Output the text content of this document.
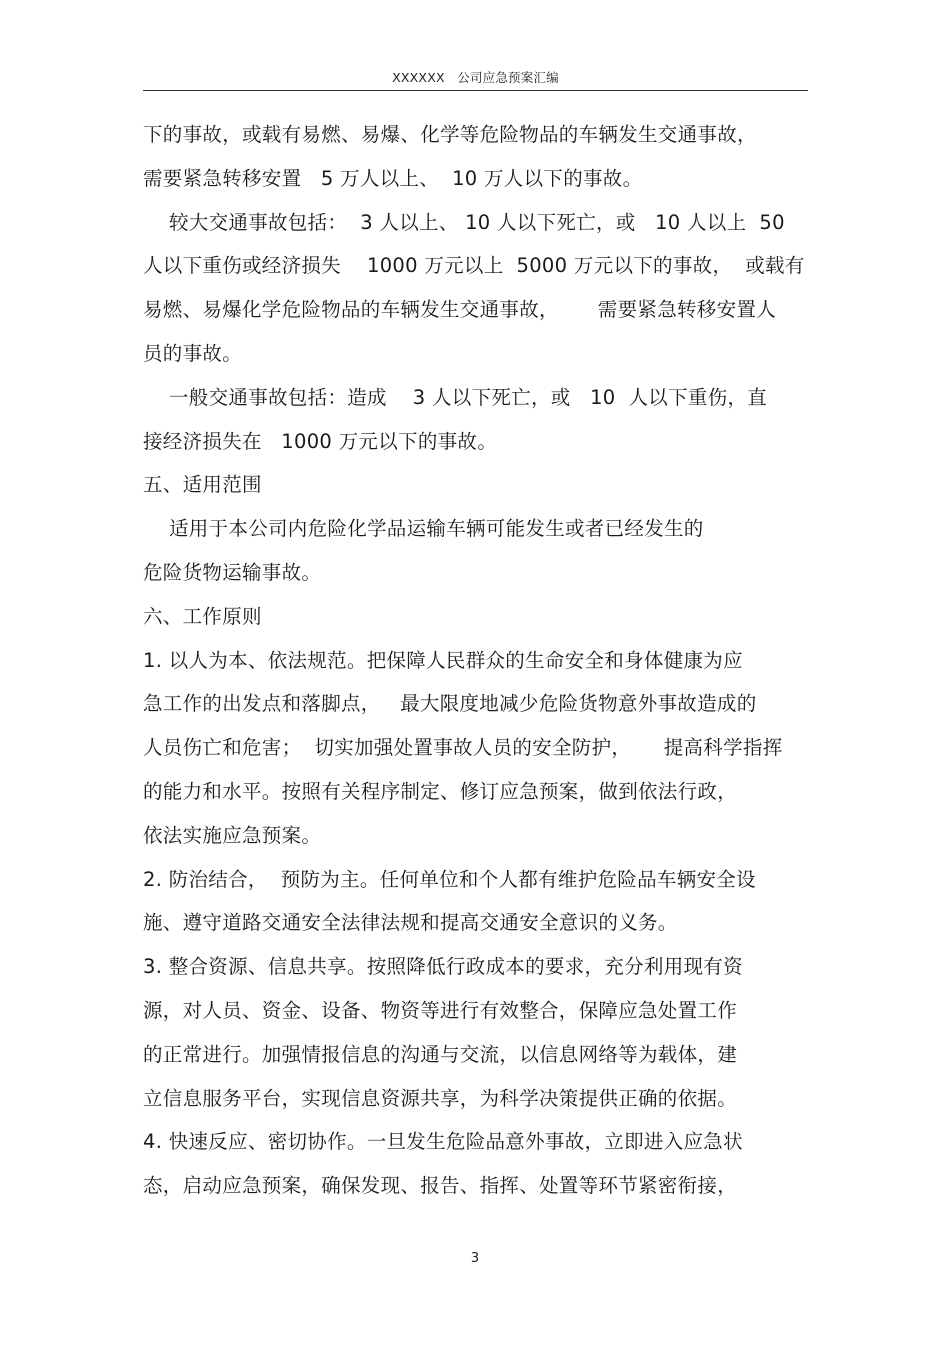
XXXXXX   公司应急预案汇编
下的事故，或载有易燃、易爆、化学等危险物品的车辆发生交通事故，
需要紧急转移安置   5 万人以上、  10 万人以下的事故。
较大交通事故包括：  3 人以上、 10 人以下死亡，或   10 人以上  50
人以下重伤或经济损失    1000 万元以上  5000 万元以下的事故，  或载有
易燃、易爆化学危险物品的车辆发生交通事故，      需要紧急转移安置人
员的事故。
一般交通事故包括：造成    3 人以下死亡，或   10  人以下重伤，直
接经济损失在   1000 万元以下的事故。
五、适用范围
适用于本公司内危险化学品运输车辆可能发生或者已经发生的
危险货物运输事故。
六、工作原则
1. 以人为本、依法规范。把保障人民群众的生命安全和身体健康为应
急工作的出发点和落脚点，   最大限度地减少危险货物意外事故造成的
人员伤亡和危害；  切实加强处置事故人员的安全防护，     提高科学指挥
的能力和水平。按照有关程序制定、修订应急预案，做到依法行政，
依法实施应急预案。
2. 防治结合，  预防为主。任何单位和个人都有维护危险品车辆安全设
施、遵守道路交通安全法律法规和提高交通安全意识的义务。
3. 整合资源、信息共享。按照降低行政成本的要求，充分利用现有资
源，对人员、资金、设备、物资等进行有效整合，保障应急处置工作
的正常进行。加强情报信息的沟通与交流，以信息网络等为载体，建
立信息服务平台，实现信息资源共享，为科学决策提供正确的依据。
4. 快速反应、密切协作。一旦发生危险品意外事故，立即进入应急状
态，启动应急预案，确保发现、报告、指挥、处置等环节紧密衔接，
3
